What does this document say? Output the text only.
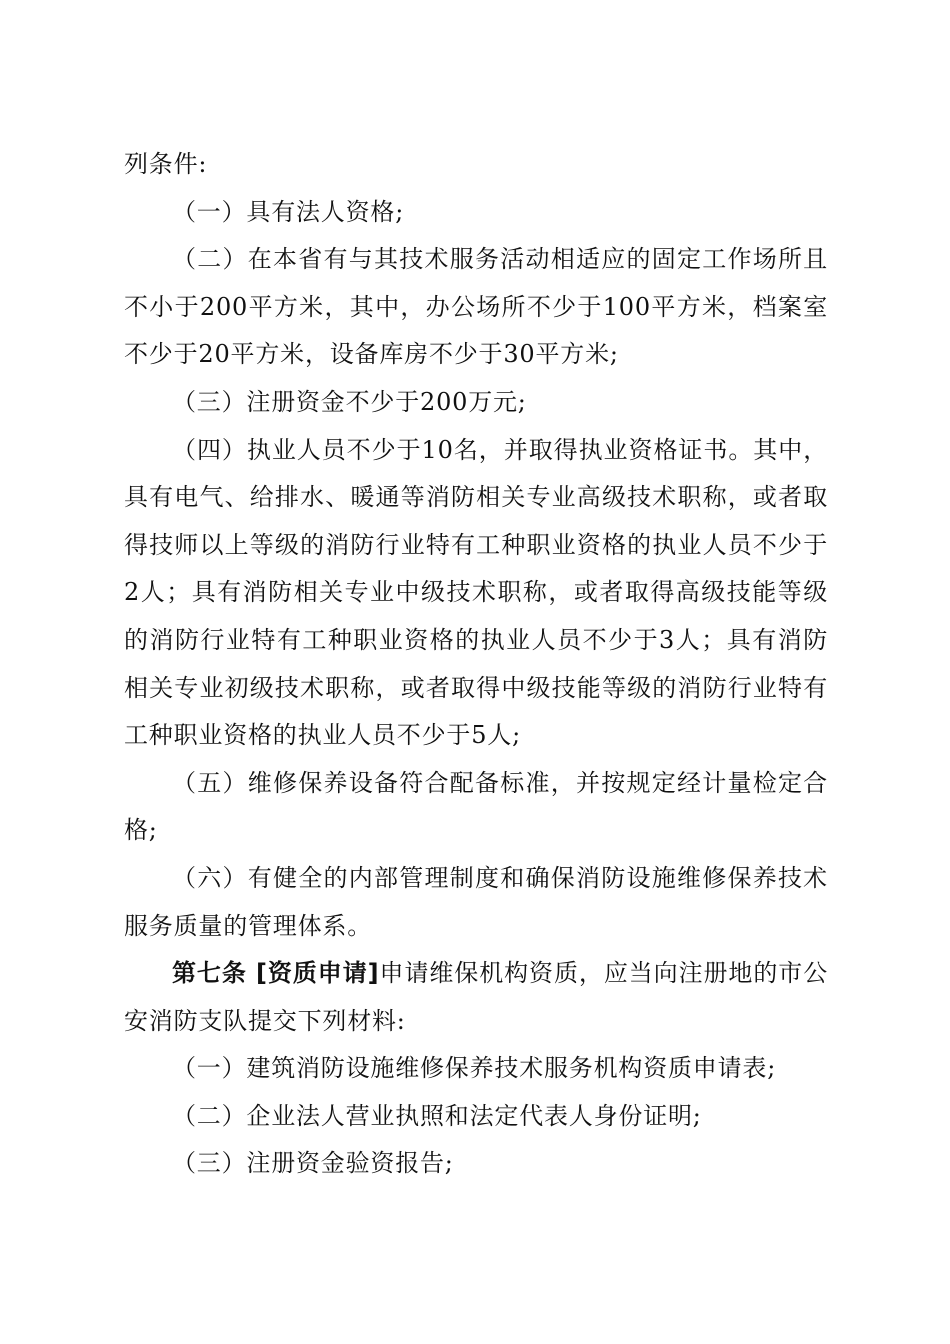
列条件:

（一）具有法人资格;

（二）在本省有与其技术服务活动相适应的固定工作场所且不小于200平方米，其中，办公场所不少于100平方米，档案室不少于20平方米，设备库房不少于30平方米;

（三）注册资金不少于200万元;

（四）执业人员不少于10名，并取得执业资格证书。其中，具有电气、给排水、暖通等消防相关专业高级技术职称，或者取得技师以上等级的消防行业特有工种职业资格的执业人员不少于2人；具有消防相关专业中级技术职称，或者取得高级技能等级的消防行业特有工种职业资格的执业人员不少于3人；具有消防相关专业初级技术职称，或者取得中级技能等级的消防行业特有工种职业资格的执业人员不少于5人;

（五）维修保养设备符合配备标准，并按规定经计量检定合格;

（六）有健全的内部管理制度和确保消防设施维修保养技术服务质量的管理体系。

第七条 [资质申请]申请维保机构资质，应当向注册地的市公安消防支队提交下列材料:

（一）建筑消防设施维修保养技术服务机构资质申请表;

（二）企业法人营业执照和法定代表人身份证明;

（三）注册资金验资报告;
